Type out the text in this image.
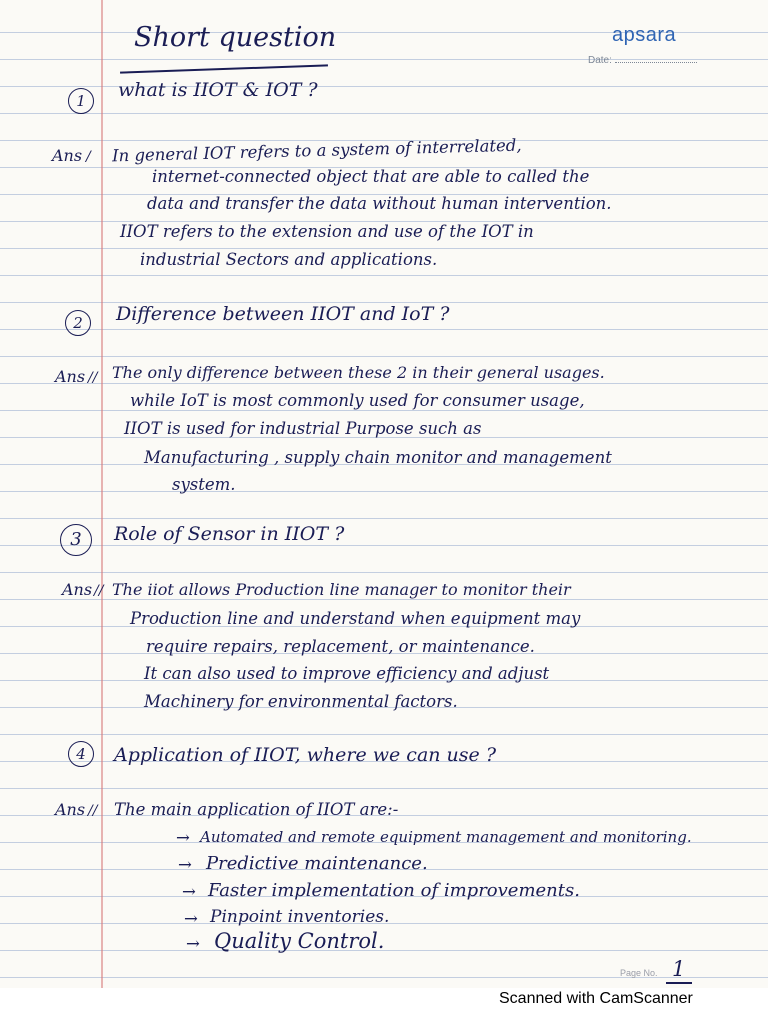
apsara
Date:
Short question
1	what is IIOT & IOT ?
Ans / In general IOT refers to a system of interrelated,
internet-connected object that are able to called the
data and transfer the data without human intervention.
IIOT refers to the extension and use of the IOT in
industrial Sectors and applications.
2	Difference between IIOT and IoT ?
Ans // The only difference between these 2 in their general usages.
while IoT is most commonly used for consumer usage,
IIOT is used for industrial Purpose such as
Manufacturing , supply chain monitor and management
system.
3	Role of Sensor in IIOT ?
Ans // The iiot allows Production line manager to monitor their
Production line and understand when equipment may
require repairs, replacement, or maintenance.
It can also used to improve efficiency and adjust
Machinery for environmental factors.
4	Application of IIOT, where we can use ?
Ans // The main application of IIOT are:-
→ Automated and remote equipment management and monitoring.
→ Predictive maintenance.
→ Faster implementation of improvements.
→ Pinpoint inventories.
→ Quality Control.
Page No. 1
Scanned with CamScanner
